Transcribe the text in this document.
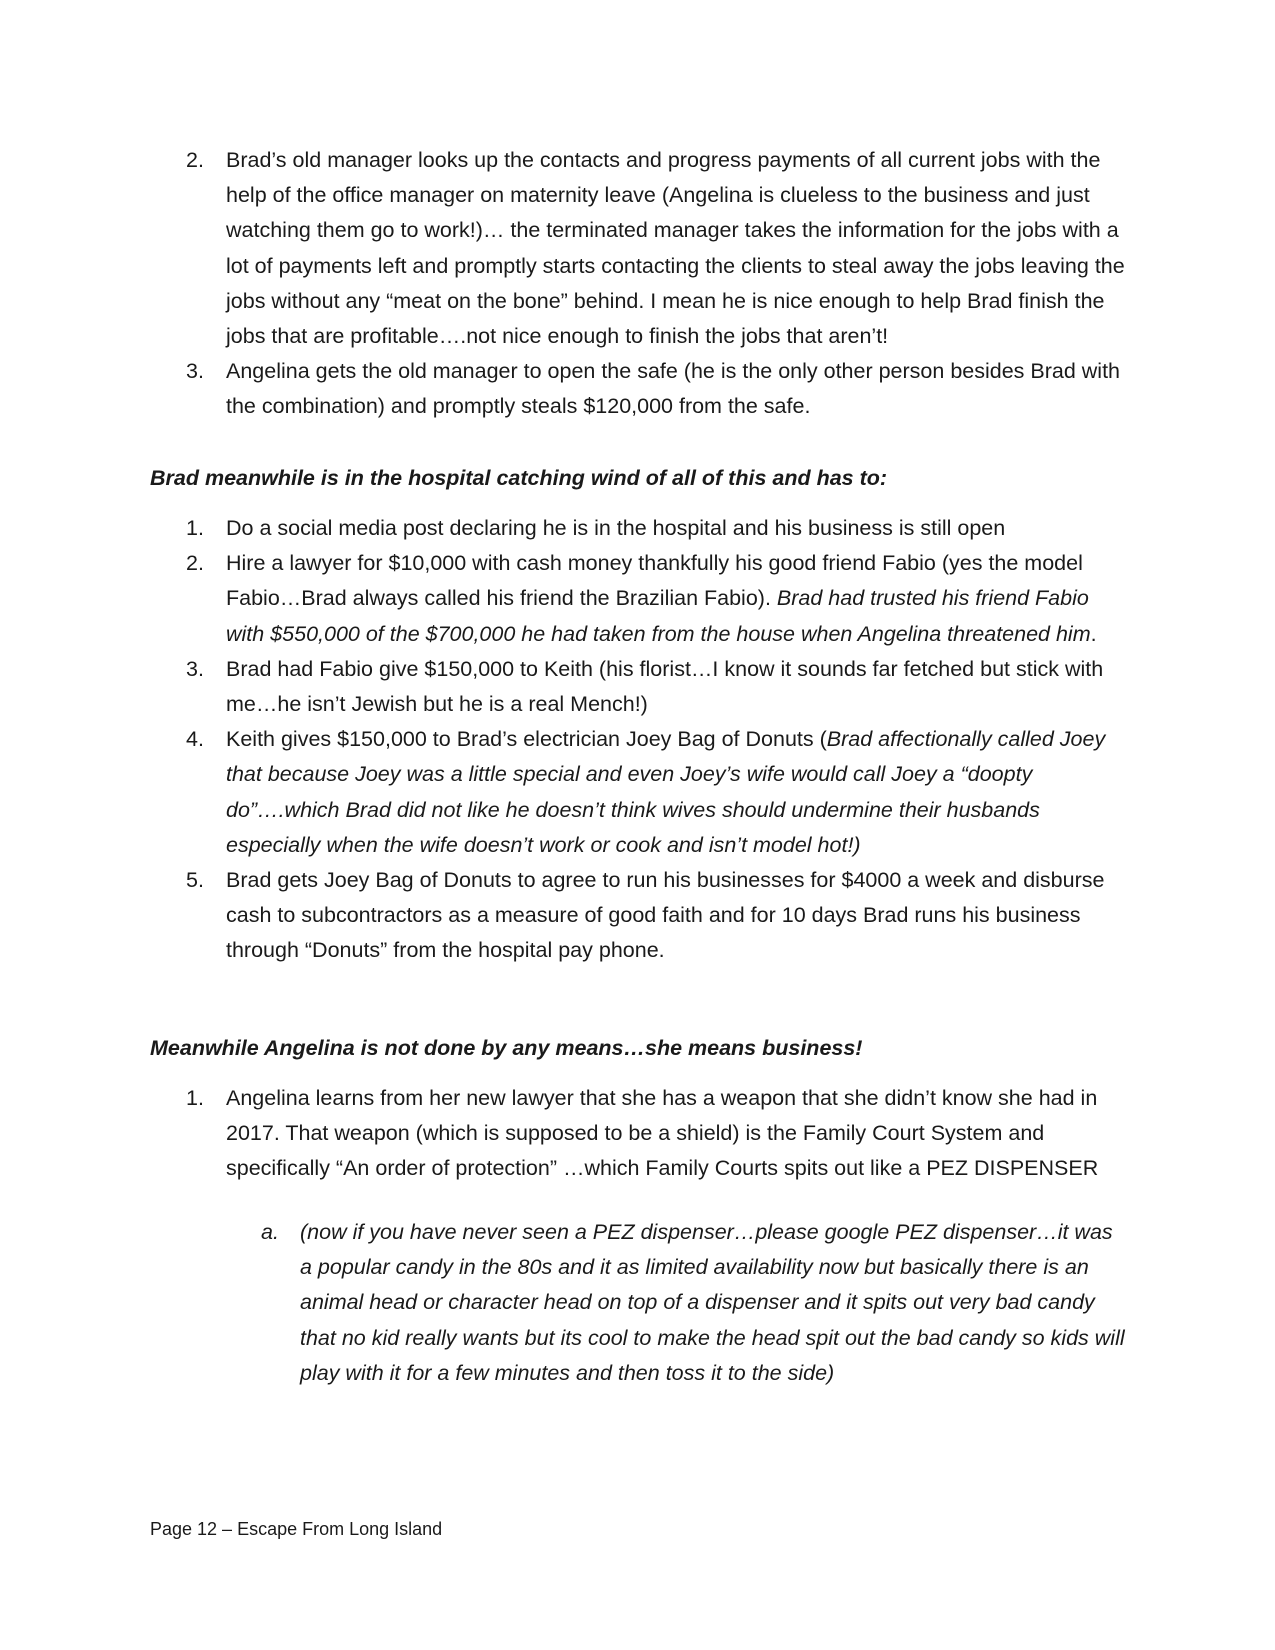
2. Brad’s old manager looks up the contacts and progress payments of all current jobs with the help of the office manager on maternity leave (Angelina is clueless to the business and just watching them go to work!)… the terminated manager takes the information for the jobs with a lot of payments left and promptly starts contacting the clients to steal away the jobs leaving the jobs without any “meat on the bone” behind. I mean he is nice enough to help Brad finish the jobs that are profitable….not nice enough to finish the jobs that aren’t!
3. Angelina gets the old manager to open the safe (he is the only other person besides Brad with the combination) and promptly steals $120,000 from the safe.
Brad meanwhile is in the hospital catching wind of all of this and has to:
1. Do a social media post declaring he is in the hospital and his business is still open
2. Hire a lawyer for $10,000 with cash money thankfully his good friend Fabio (yes the model Fabio…Brad always called his friend the Brazilian Fabio). Brad had trusted his friend Fabio with $550,000 of the $700,000 he had taken from the house when Angelina threatened him.
3. Brad had Fabio give $150,000 to Keith (his florist…I know it sounds far fetched but stick with me…he isn’t Jewish but he is a real Mench!)
4. Keith gives $150,000 to Brad’s electrician Joey Bag of Donuts (Brad affectionally called Joey that because Joey was a little special and even Joey’s wife would call Joey a “doopty do”….which Brad did not like he doesn’t think wives should undermine their husbands especially when the wife doesn’t work or cook and isn’t model hot!)
5. Brad gets Joey Bag of Donuts to agree to run his businesses for $4000 a week and disburse cash to subcontractors as a measure of good faith and for 10 days Brad runs his business through “Donuts” from the hospital pay phone.
Meanwhile Angelina is not done by any means…she means business!
1. Angelina learns from her new lawyer that she has a weapon that she didn’t know she had in 2017. That weapon (which is supposed to be a shield) is the Family Court System and specifically “An order of protection” …which Family Courts spits out like a PEZ DISPENSER
a. (now if you have never seen a PEZ dispenser…please google PEZ dispenser…it was a popular candy in the 80s and it as limited availability now but basically there is an animal head or character head on top of a dispenser and it spits out very bad candy that no kid really wants but its cool to make the head spit out the bad candy so kids will play with it for a few minutes and then toss it to the side)
Page 12 – Escape From Long Island
